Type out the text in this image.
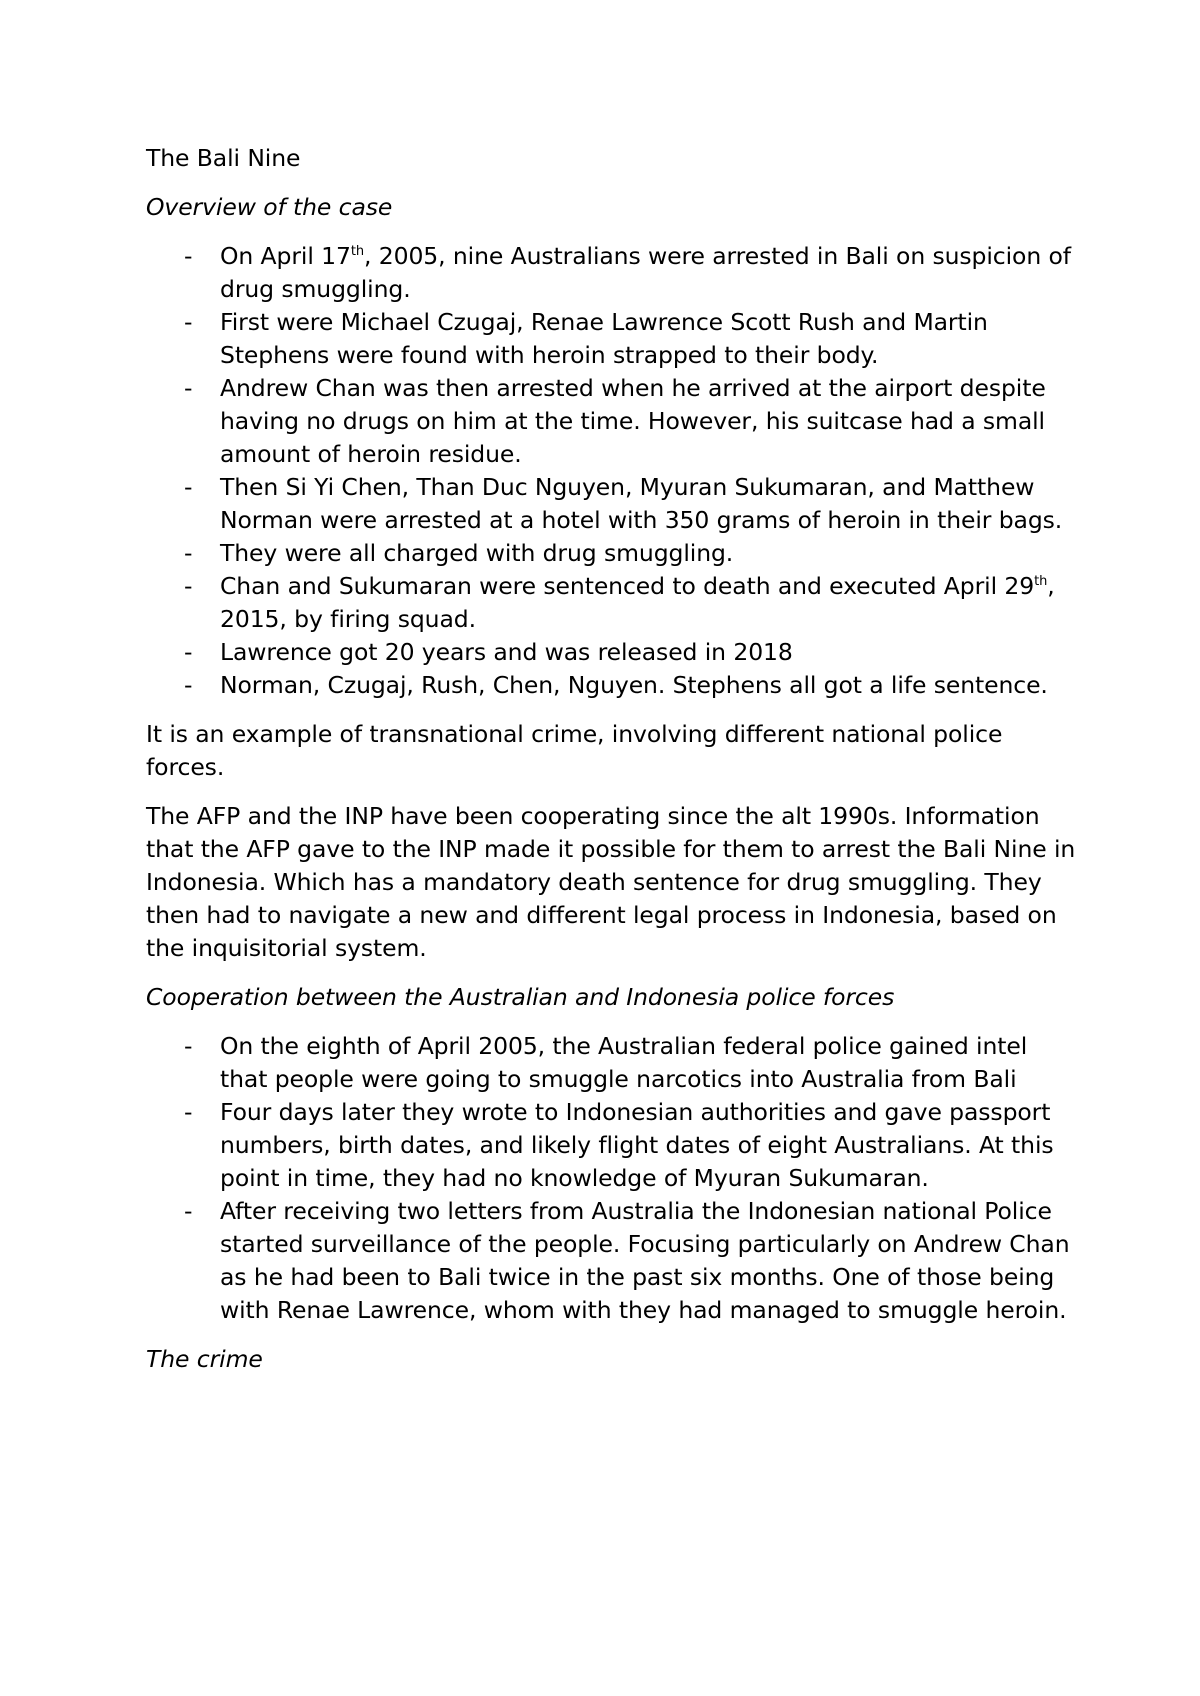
The Bali Nine

Overview of the case

- On April 17th, 2005, nine Australians were arrested in Bali on suspicion of drug smuggling.
- First were Michael Czugaj, Renae Lawrence Scott Rush and Martin Stephens were found with heroin strapped to their body.
- Andrew Chan was then arrested when he arrived at the airport despite having no drugs on him at the time. However, his suitcase had a small amount of heroin residue.
- Then Si Yi Chen, Than Duc Nguyen, Myuran Sukumaran, and Matthew Norman were arrested at a hotel with 350 grams of heroin in their bags.
- They were all charged with drug smuggling.
- Chan and Sukumaran were sentenced to death and executed April 29th, 2015, by firing squad.
- Lawrence got 20 years and was released in 2018
- Norman, Czugaj, Rush, Chen, Nguyen. Stephens all got a life sentence.

It is an example of transnational crime, involving different national police forces.

The AFP and the INP have been cooperating since the alt 1990s. Information that the AFP gave to the INP made it possible for them to arrest the Bali Nine in Indonesia. Which has a mandatory death sentence for drug smuggling. They then had to navigate a new and different legal process in Indonesia, based on the inquisitorial system.

Cooperation between the Australian and Indonesia police forces

- On the eighth of April 2005, the Australian federal police gained intel that people were going to smuggle narcotics into Australia from Bali
- Four days later they wrote to Indonesian authorities and gave passport numbers, birth dates, and likely flight dates of eight Australians. At this point in time, they had no knowledge of Myuran Sukumaran.
- After receiving two letters from Australia the Indonesian national Police started surveillance of the people. Focusing particularly on Andrew Chan as he had been to Bali twice in the past six months. One of those being with Renae Lawrence, whom with they had managed to smuggle heroin.

The crime
